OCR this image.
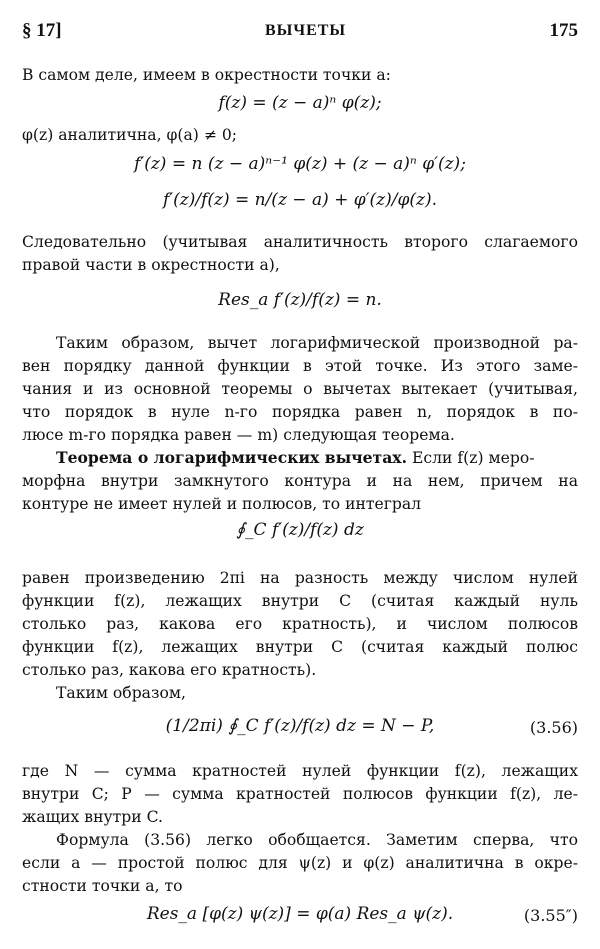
§ 17]	ВЫЧЕТЫ	175
В самом деле, имеем в окрестности точки a:
f(z) = (z − a)ⁿ φ(z);
φ(z) аналитична, φ(a) ≠ 0;
f′(z) = n (z − a)ⁿ⁻¹ φ(z) + (z − a)ⁿ φ′(z);
f′(z)/f(z) = n/(z − a) + φ′(z)/φ(z).
Следовательно (учитывая аналитичность второго слагаемого
правой части в окрестности a),
Res_a f′(z)/f(z) = n.
Таким образом, вычет логарифмической производной ра-
вен порядку данной функции в этой точке. Из этого заме-
чания и из основной теоремы о вычетах вытекает (учитывая,
что порядок в нуле n-го порядка равен n, порядок в по-
люсе m-го порядка равен — m) следующая теорема.
Теорема о логарифмических вычетах. Если f(z) меро-
морфна внутри замкнутого контура и на нем, причем на
контуре не имеет нулей и полюсов, то интеграл
∮_C f′(z)/f(z) dz
равен произведению 2πi на разность между числом нулей
функции f(z), лежащих внутри C (считая каждый нуль
столько раз, какова его кратность), и числом полюсов
функции f(z), лежащих внутри C (считая каждый полюс
столько раз, какова его кратность).
Таким образом,
(1/2πi) ∮_C f′(z)/f(z) dz = N − P,	(3.56)
где N — сумма кратностей нулей функции f(z), лежащих
внутри C; P — сумма кратностей полюсов функции f(z), ле-
жащих внутри C.
Формула (3.56) легко обобщается. Заметим сперва, что
если a — простой полюс для ψ(z) и φ(z) аналитична в окре-
стности точки a, то
Res_a [φ(z) ψ(z)] = φ(a) Res_a ψ(z).	(3.55″)
